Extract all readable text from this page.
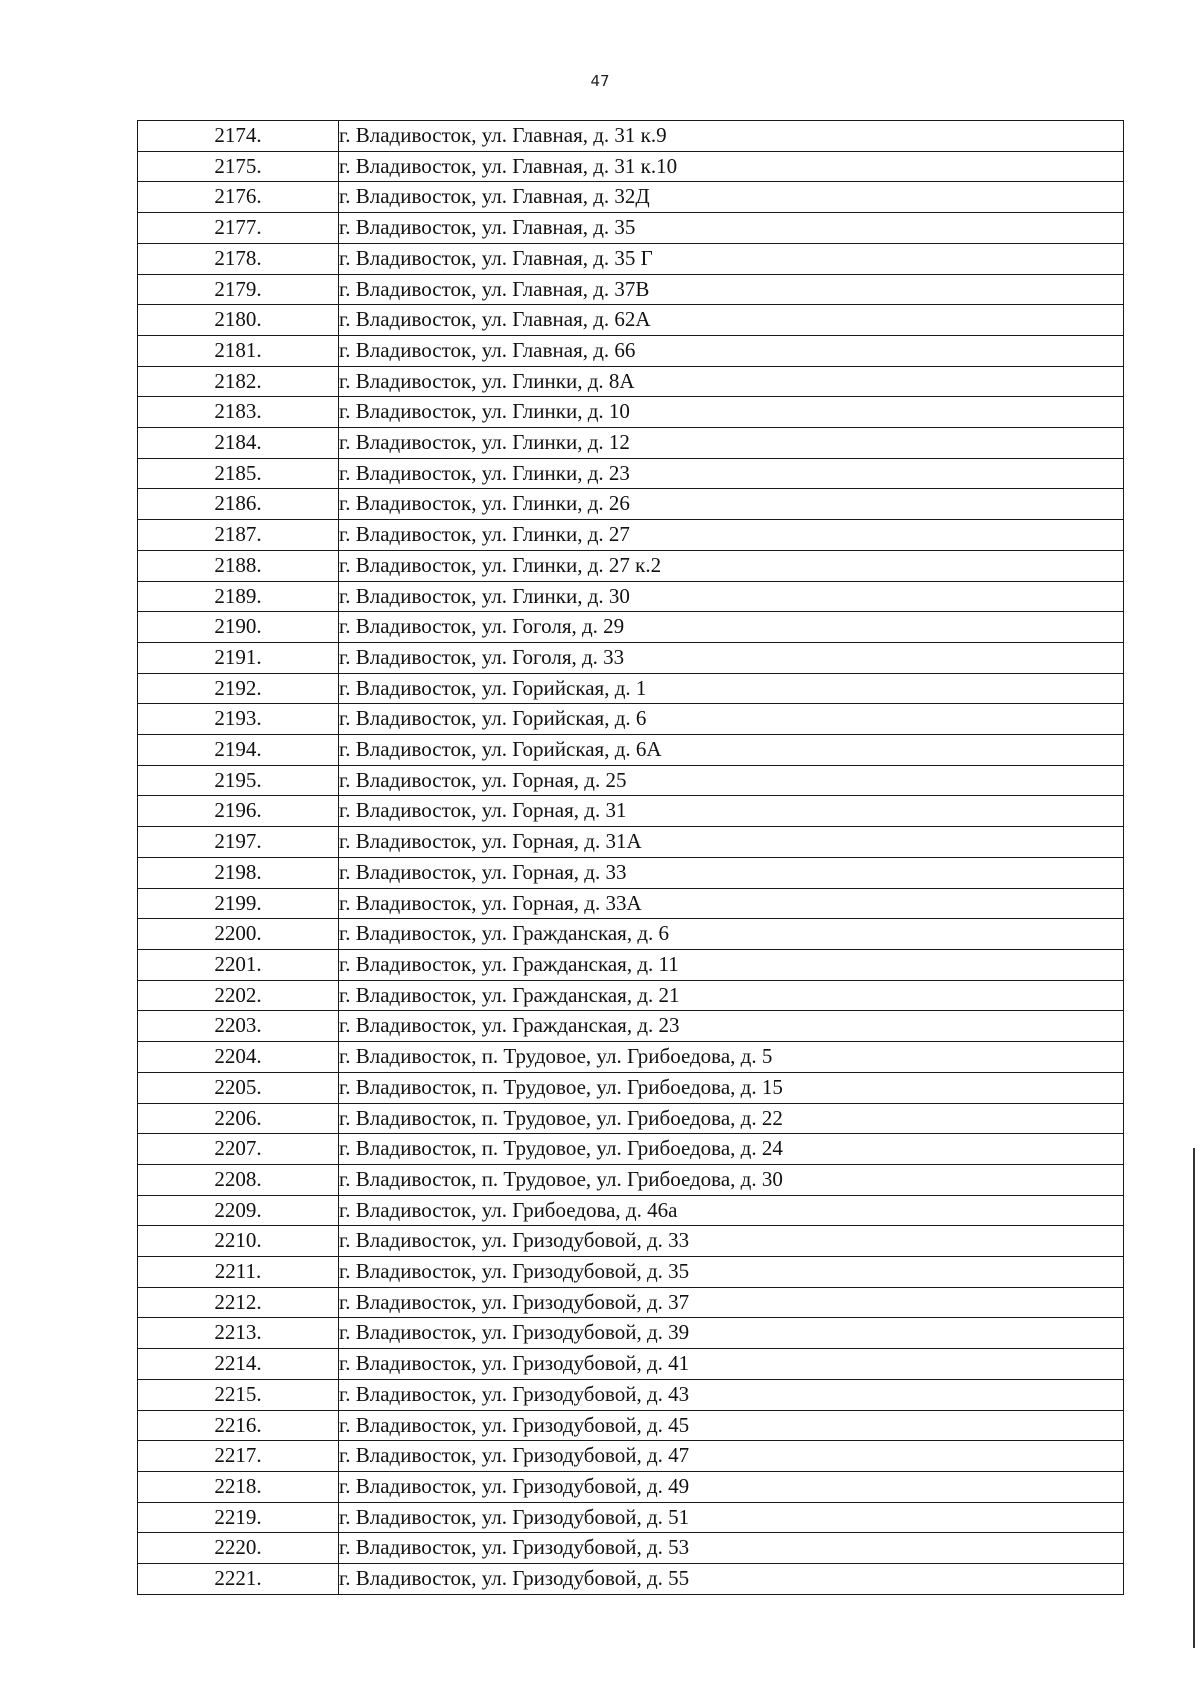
47
2174.	г. Владивосток, ул. Главная, д. 31 к.9
2175.	г. Владивосток, ул. Главная, д. 31 к.10
2176.	г. Владивосток, ул. Главная, д. 32Д
2177.	г. Владивосток, ул. Главная, д. 35
2178.	г. Владивосток, ул. Главная, д. 35 Г
2179.	г. Владивосток, ул. Главная, д. 37В
2180.	г. Владивосток, ул. Главная, д. 62А
2181.	г. Владивосток, ул. Главная, д. 66
2182.	г. Владивосток, ул. Глинки, д. 8А
2183.	г. Владивосток, ул. Глинки, д. 10
2184.	г. Владивосток, ул. Глинки, д. 12
2185.	г. Владивосток, ул. Глинки, д. 23
2186.	г. Владивосток, ул. Глинки, д. 26
2187.	г. Владивосток, ул. Глинки, д. 27
2188.	г. Владивосток, ул. Глинки, д. 27 к.2
2189.	г. Владивосток, ул. Глинки, д. 30
2190.	г. Владивосток, ул. Гоголя, д. 29
2191.	г. Владивосток, ул. Гоголя, д. 33
2192.	г. Владивосток, ул. Горийская, д. 1
2193.	г. Владивосток, ул. Горийская, д. 6
2194.	г. Владивосток, ул. Горийская, д. 6А
2195.	г. Владивосток, ул. Горная, д. 25
2196.	г. Владивосток, ул. Горная, д. 31
2197.	г. Владивосток, ул. Горная, д. 31А
2198.	г. Владивосток, ул. Горная, д. 33
2199.	г. Владивосток, ул. Горная, д. 33А
2200.	г. Владивосток, ул. Гражданская, д. 6
2201.	г. Владивосток, ул. Гражданская, д. 11
2202.	г. Владивосток, ул. Гражданская, д. 21
2203.	г. Владивосток, ул. Гражданская, д. 23
2204.	г. Владивосток, п. Трудовое, ул. Грибоедова, д. 5
2205.	г. Владивосток, п. Трудовое, ул. Грибоедова, д. 15
2206.	г. Владивосток, п. Трудовое, ул. Грибоедова, д. 22
2207.	г. Владивосток, п. Трудовое, ул. Грибоедова, д. 24
2208.	г. Владивосток, п. Трудовое, ул. Грибоедова, д. 30
2209.	г. Владивосток, ул. Грибоедова, д. 46а
2210.	г. Владивосток, ул. Гризодубовой, д. 33
2211.	г. Владивосток, ул. Гризодубовой, д. 35
2212.	г. Владивосток, ул. Гризодубовой, д. 37
2213.	г. Владивосток, ул. Гризодубовой, д. 39
2214.	г. Владивосток, ул. Гризодубовой, д. 41
2215.	г. Владивосток, ул. Гризодубовой, д. 43
2216.	г. Владивосток, ул. Гризодубовой, д. 45
2217.	г. Владивосток, ул. Гризодубовой, д. 47
2218.	г. Владивосток, ул. Гризодубовой, д. 49
2219.	г. Владивосток, ул. Гризодубовой, д. 51
2220.	г. Владивосток, ул. Гризодубовой, д. 53
2221.	г. Владивосток, ул. Гризодубовой, д. 55
